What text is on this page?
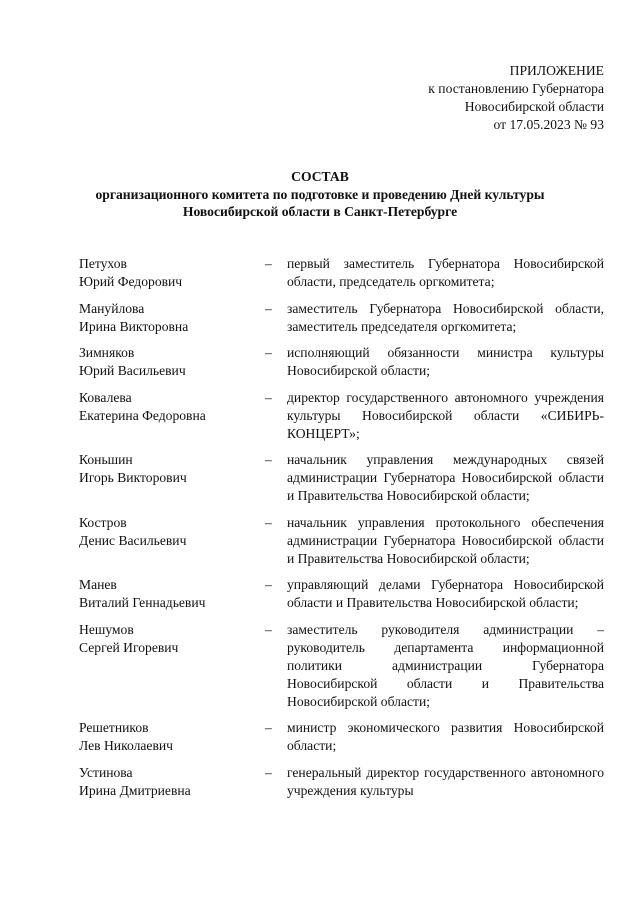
ПРИЛОЖЕНИЕ
к постановлению Губернатора
Новосибирской области
от 17.05.2023 № 93
СОСТАВ
организационного комитета по подготовке и проведению Дней культуры
Новосибирской области в Санкт-Петербурге
Петухов
Юрий Федорович
–	первый заместитель Губернатора Новосибирской области, председатель оргкомитета;
Мануйлова
Ирина Викторовна
–	заместитель Губернатора Новосибирской области, заместитель председателя оргкомитета;
Зимняков
Юрий Васильевич
–	исполняющий обязанности министра культуры Новосибирской области;
Ковалева
Екатерина Федоровна
–	директор государственного автономного учреждения культуры Новосибирской области «СИБИРЬ-КОНЦЕРТ»;
Коньшин
Игорь Викторович
–	начальник управления международных связей администрации Губернатора Новосибирской области и Правительства Новосибирской области;
Костров
Денис Васильевич
–	начальник управления протокольного обеспечения администрации Губернатора Новосибирской области и Правительства Новосибирской области;
Манев
Виталий Геннадьевич
–	управляющий делами Губернатора Новосибирской области и Правительства Новосибирской области;
Нешумов
Сергей Игоревич
–	заместитель руководителя администрации – руководитель департамента информационной политики администрации Губернатора Новосибирской области и Правительства Новосибирской области;
Решетников
Лев Николаевич
–	министр экономического развития Новосибирской области;
Устинова
Ирина Дмитриевна
–	генеральный директор государственного автономного учреждения культуры
